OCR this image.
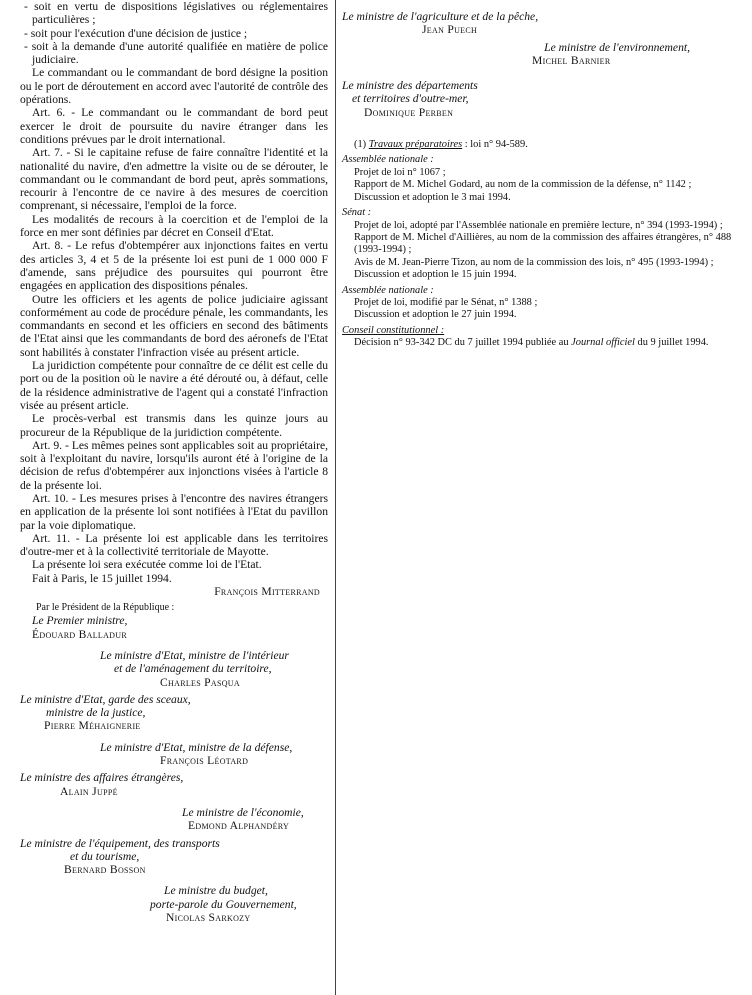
- soit en vertu de dispositions législatives ou réglementaires particulières ;

- soit pour l'exécution d'une décision de justice ;

- soit à la demande d'une autorité qualifiée en matière de police judiciaire.

Le commandant ou le commandant de bord désigne la position ou le port de déroutement en accord avec l'autorité de contrôle des opérations.

Art. 6. - Le commandant ou le commandant de bord peut exercer le droit de poursuite du navire étranger dans les conditions prévues par le droit international.

Art. 7. - Si le capitaine refuse de faire connaître l'identité et la nationalité du navire, d'en admettre la visite ou de se dérouter, le commandant ou le commandant de bord peut, après sommations, recourir à l'encontre de ce navire à des mesures de coercition comprenant, si nécessaire, l'emploi de la force.

Les modalités de recours à la coercition et de l'emploi de la force en mer sont définies par décret en Conseil d'Etat.

Art. 8. - Le refus d'obtempérer aux injonctions faites en vertu des articles 3, 4 et 5 de la présente loi est puni de 1 000 000 F d'amende, sans préjudice des poursuites qui pourront être engagées en application des dispositions pénales.

Outre les officiers et les agents de police judiciaire agissant conformément au code de procédure pénale, les commandants, les commandants en second et les officiers en second des bâtiments de l'Etat ainsi que les commandants de bord des aéronefs de l'Etat sont habilités à constater l'infraction visée au présent article.

La juridiction compétente pour connaître de ce délit est celle du port ou de la position où le navire a été dérouté ou, à défaut, celle de la résidence administrative de l'agent qui a constaté l'infraction visée au présent article.

Le procès-verbal est transmis dans les quinze jours au procureur de la République de la juridiction compétente.

Art. 9. - Les mêmes peines sont applicables soit au propriétaire, soit à l'exploitant du navire, lorsqu'ils auront été à l'origine de la décision de refus d'obtempérer aux injonctions visées à l'article 8 de la présente loi.

Art. 10. - Les mesures prises à l'encontre des navires étrangers en application de la présente loi sont notifiées à l'Etat du pavillon par la voie diplomatique.

Art. 11. - La présente loi est applicable dans les territoires d'outre-mer et à la collectivité territoriale de Mayotte.

La présente loi sera exécutée comme loi de l'Etat.

Fait à Paris, le 15 juillet 1994.

François Mitterrand

Par le Président de la République :

Le Premier ministre,

Édouard Balladur

Le ministre d'Etat, ministre de l'intérieur

et de l'aménagement du territoire,

Charles Pasqua

Le ministre d'Etat, garde des sceaux,

ministre de la justice,

Pierre Méhaignerie

Le ministre d'Etat, ministre de la défense,

François Léotard

Le ministre des affaires étrangères,

Alain Juppé

Le ministre de l'économie,

Edmond Alphandéry

Le ministre de l'équipement, des transports

et du tourisme,

Bernard Bosson

Le ministre du budget,

porte-parole du Gouvernement,

Nicolas Sarkozy

Le ministre de l'agriculture et de la pêche,

Jean Puech

Le ministre de l'environnement,

Michel Barnier

Le ministre des départements

et territoires d'outre-mer,

Dominique Perben

(1) Travaux préparatoires : loi n° 94-589.

Assemblée nationale :

Projet de loi n° 1067 ;

Rapport de M. Michel Godard, au nom de la commission de la défense, n° 1142 ;

Discussion et adoption le 3 mai 1994.

Sénat :

Projet de loi, adopté par l'Assemblée nationale en première lecture, n° 394 (1993-1994) ;

Rapport de M. Michel d'Aillières, au nom de la commission des affaires étrangères, n° 488 (1993-1994) ;

Avis de M. Jean-Pierre Tizon, au nom de la commission des lois, n° 495 (1993-1994) ;

Discussion et adoption le 15 juin 1994.

Assemblée nationale :

Projet de loi, modifié par le Sénat, n° 1388 ;

Discussion et adoption le 27 juin 1994.

Conseil constitutionnel :

Décision n° 93-342 DC du 7 juillet 1994 publiée au Journal officiel du 9 juillet 1994.
